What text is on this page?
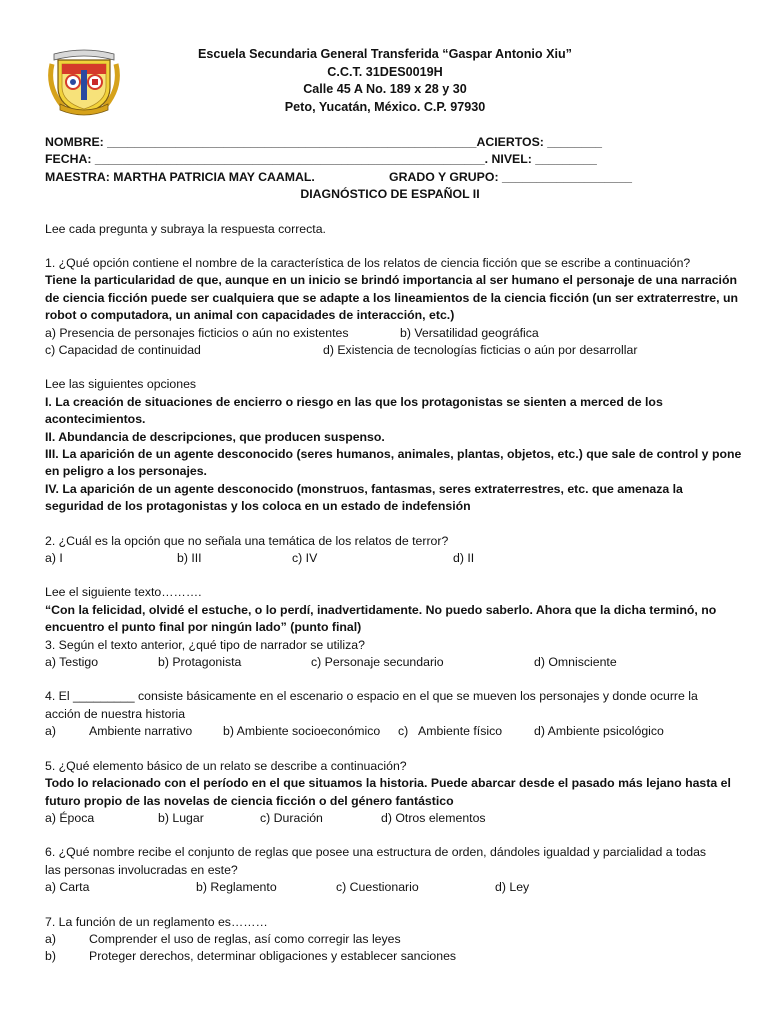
Escuela Secundaria General Transferida “Gaspar Antonio Xiu”
C.C.T. 31DES0019H
Calle 45 A No. 189 x 28 y 30
Peto, Yucatán, México. C.P. 97930
NOMBRE: ______________________________________________________ACIERTOS: ________
FECHA: _________________________________________________________. NIVEL: _________
MAESTRA: MARTHA PATRICIA MAY CAAMAL.	GRADO Y GRUPO: ___________________
DIAGNÓSTICO DE ESPAÑOL II
Lee cada pregunta y subraya la respuesta correcta.
1. ¿Qué opción contiene el nombre de la característica de los relatos de ciencia ficción que se escribe a continuación?
Tiene la particularidad de que, aunque en un inicio se brindó importancia al ser humano el personaje de una narración
de ciencia ficción puede ser cualquiera que se adapte a los lineamientos de la ciencia ficción (un ser extraterrestre, un
robot o computadora, un animal con capacidades de interacción, etc.)
a) Presencia de personajes ficticios o aún no existentes	b) Versatilidad geográfica
c) Capacidad de continuidad	d) Existencia de tecnologías ficticias o aún por desarrollar
Lee las siguientes opciones
I. La creación de situaciones de encierro o riesgo en las que los protagonistas se sienten a merced de los
acontecimientos.
II. Abundancia de descripciones, que producen suspenso.
III. La aparición de un agente desconocido (seres humanos, animales, plantas, objetos, etc.) que sale de control y pone
en peligro a los personajes.
IV. La aparición de un agente desconocido (monstruos, fantasmas, seres extraterrestres, etc. que amenaza la
seguridad de los protagonistas y los coloca en un estado de indefensión
2. ¿Cuál es la opción que no señala una temática de los relatos de terror?
a) I	b) III	c) IV	d) II
Lee el siguiente texto……….
“Con la felicidad, olvidé el estuche, o lo perdí, inadvertidamente. No puedo saberlo. Ahora que la dicha terminó, no
encuentro el punto final por ningún lado” (punto final)
3. Según el texto anterior, ¿qué tipo de narrador se utiliza?
a) Testigo	b) Protagonista	c) Personaje secundario	d) Omnisciente
4. El _________ consiste básicamente en el escenario o espacio en el que se mueven los personajes y donde ocurre la
acción de nuestra historia
a)	Ambiente narrativo	b) Ambiente socioeconómico c) Ambiente físico	d) Ambiente psicológico
5. ¿Qué elemento básico de un relato se describe a continuación?
Todo lo relacionado con el período en el que situamos la historia. Puede abarcar desde el pasado más lejano hasta el
futuro propio de las novelas de ciencia ficción o del género fantástico
a) Época	b) Lugar	c) Duración	d) Otros elementos
6. ¿Qué nombre recibe el conjunto de reglas que posee una estructura de orden, dándoles igualdad y parcialidad a todas
las personas involucradas en este?
a) Carta	b) Reglamento	c) Cuestionario	d) Ley
7. La función de un reglamento es………
a)	Comprender el uso de reglas, así como corregir las leyes
b)	Proteger derechos, determinar obligaciones y establecer sanciones
